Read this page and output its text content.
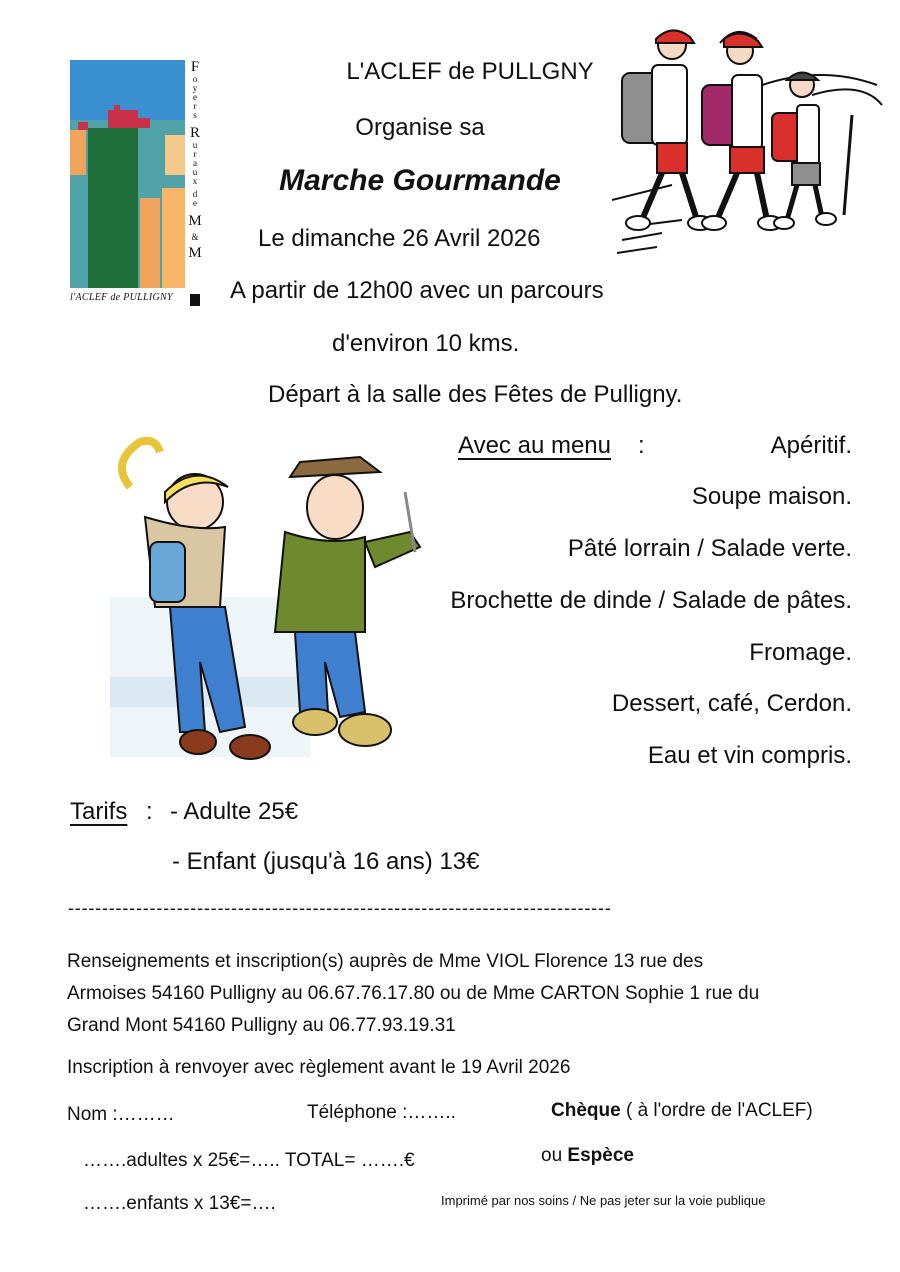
F
o
y
e
r
s
R
u
r
a
u
x
d
e
M
&
M
l'ACLEF de PULLIGNY
L'ACLEF de PULLGNY
Organise sa
Marche Gourmande
Le dimanche 26 Avril 2026
A partir de 12h00 avec un parcours
d'environ 10 kms.
Départ à la salle des Fêtes de Pulligny.
Avec au menu :	Apéritif.
Soupe maison.
Pâté lorrain / Salade verte.
Brochette de dinde / Salade de pâtes.
Fromage.
Dessert, café, Cerdon.
Eau et vin compris.
Tarifs : - Adulte 25€
- Enfant (jusqu'à 16 ans) 13€
--------------------------------------------------------------------------------
Renseignements et inscription(s) auprès de Mme VIOL Florence 13 rue des
Armoises 54160 Pulligny au 06.67.76.17.80 ou de Mme CARTON Sophie 1 rue du
Grand Mont 54160 Pulligny au 06.77.93.19.31
Inscription à renvoyer avec règlement avant le 19 Avril 2026
Nom :………	Téléphone :……..	Chèque ( à l'ordre de l'ACLEF)
…….adultes x 25€=….. TOTAL= …….€	ou Espèce
…….enfants x 13€=….	Imprimé par nos soins / Ne pas jeter sur la voie publique
